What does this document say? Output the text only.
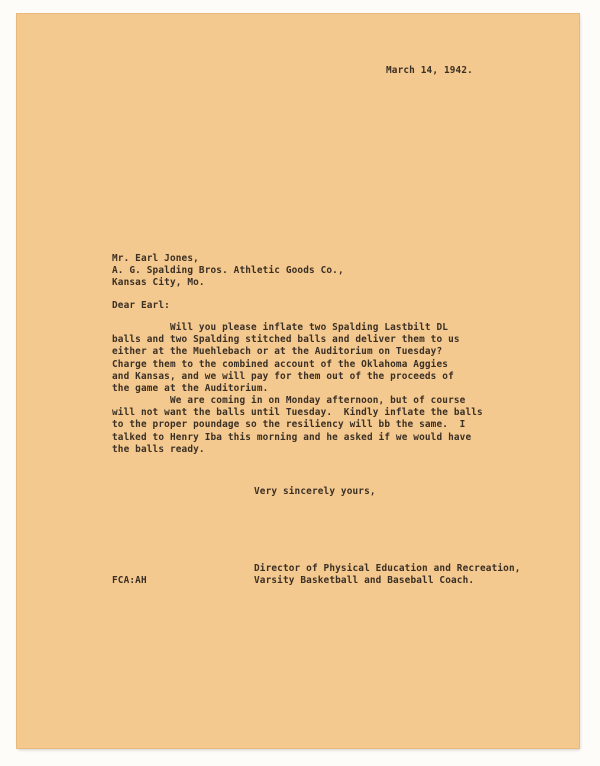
March 14, 1942.
Mr. Earl Jones,
A. G. Spalding Bros. Athletic Goods Co.,
Kansas City, Mo.
Dear Earl:
Will you please inflate two Spalding Lastbilt DL
balls and two Spalding stitched balls and deliver them to us
either at the Muehlebach or at the Auditorium on Tuesday?
Charge them to the combined account of the Oklahoma Aggies
and Kansas, and we will pay for them out of the proceeds of
the game at the Auditorium.
We are coming in on Monday afternoon, but of course
will not want the balls until Tuesday.  Kindly inflate the balls
to the proper poundage so the resiliency will bb the same.  I
talked to Henry Iba this morning and he asked if we would have
the balls ready.
Very sincerely yours,
Director of Physical Education and Recreation,
Varsity Basketball and Baseball Coach.
FCA:AH
